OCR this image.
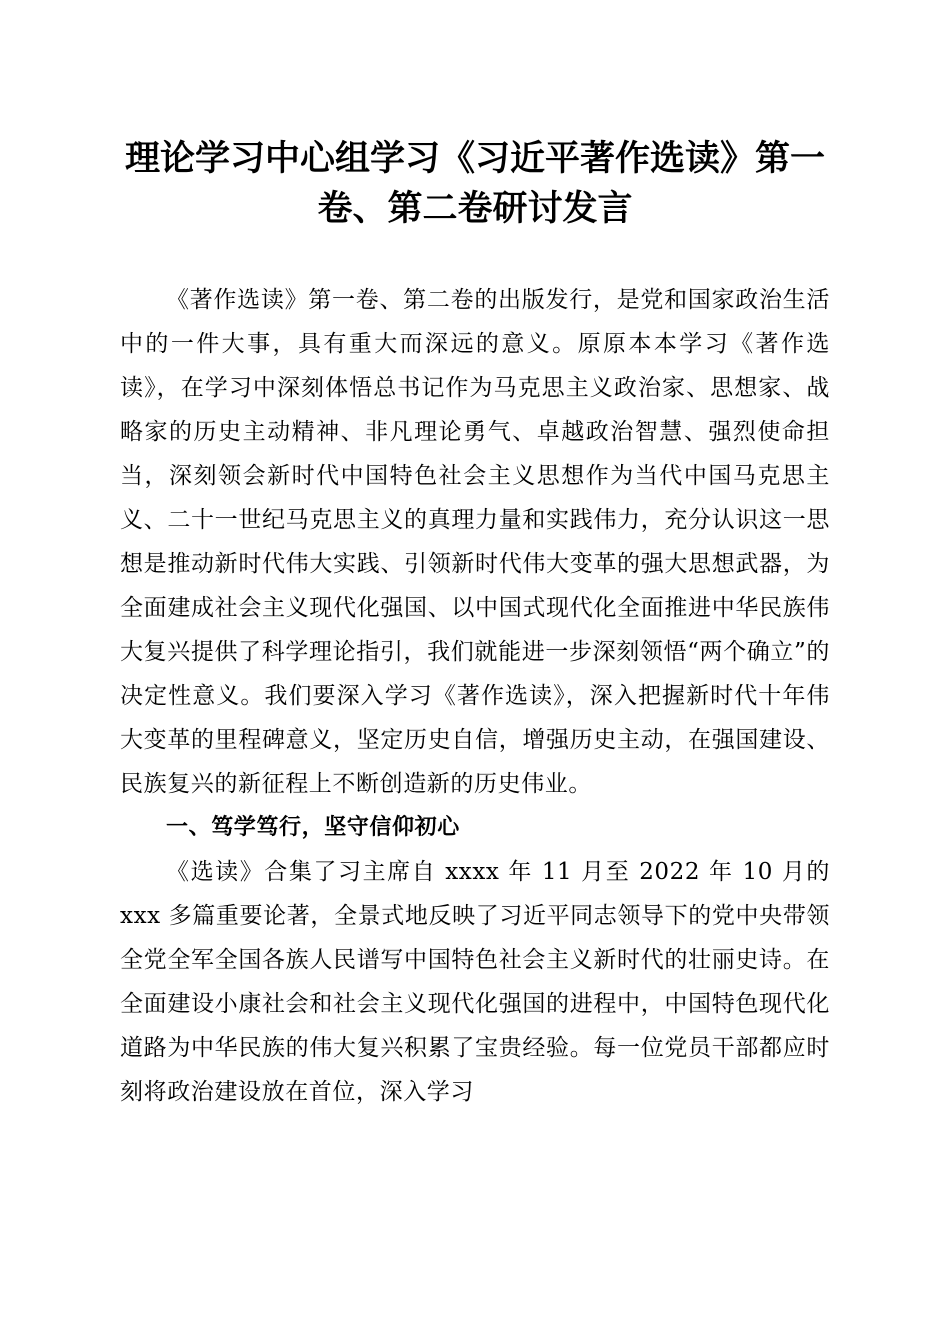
理论学习中心组学习《习近平著作选读》第一
卷、第二卷研讨发言

《著作选读》第一卷、第二卷的出版发行，是党和国家政治生活中的一件大事，具有重大而深远的意义。原原本本学习《著作选读》，在学习中深刻体悟总书记作为马克思主义政治家、思想家、战略家的历史主动精神、非凡理论勇气、卓越政治智慧、强烈使命担当，深刻领会新时代中国特色社会主义思想作为当代中国马克思主义、二十一世纪马克思主义的真理力量和实践伟力，充分认识这一思想是推动新时代伟大实践、引领新时代伟大变革的强大思想武器，为全面建成社会主义现代化强国、以中国式现代化全面推进中华民族伟大复兴提供了科学理论指引，我们就能进一步深刻领悟“两个确立”的决定性意义。我们要深入学习《著作选读》，深入把握新时代十年伟大变革的里程碑意义，坚定历史自信，增强历史主动，在强国建设、民族复兴的新征程上不断创造新的历史伟业。

一、笃学笃行，坚守信仰初心

《选读》合集了习主席自 xxxx 年 11 月至 2022 年 10 月的 xxx 多篇重要论著，全景式地反映了习近平同志领导下的党中央带领全党全军全国各族人民谱写中国特色社会主义新时代的壮丽史诗。在全面建设小康社会和社会主义现代化强国的进程中，中国特色现代化道路为中华民族的伟大复兴积累了宝贵经验。每一位党员干部都应时刻将政治建设放在首位，深入学习
